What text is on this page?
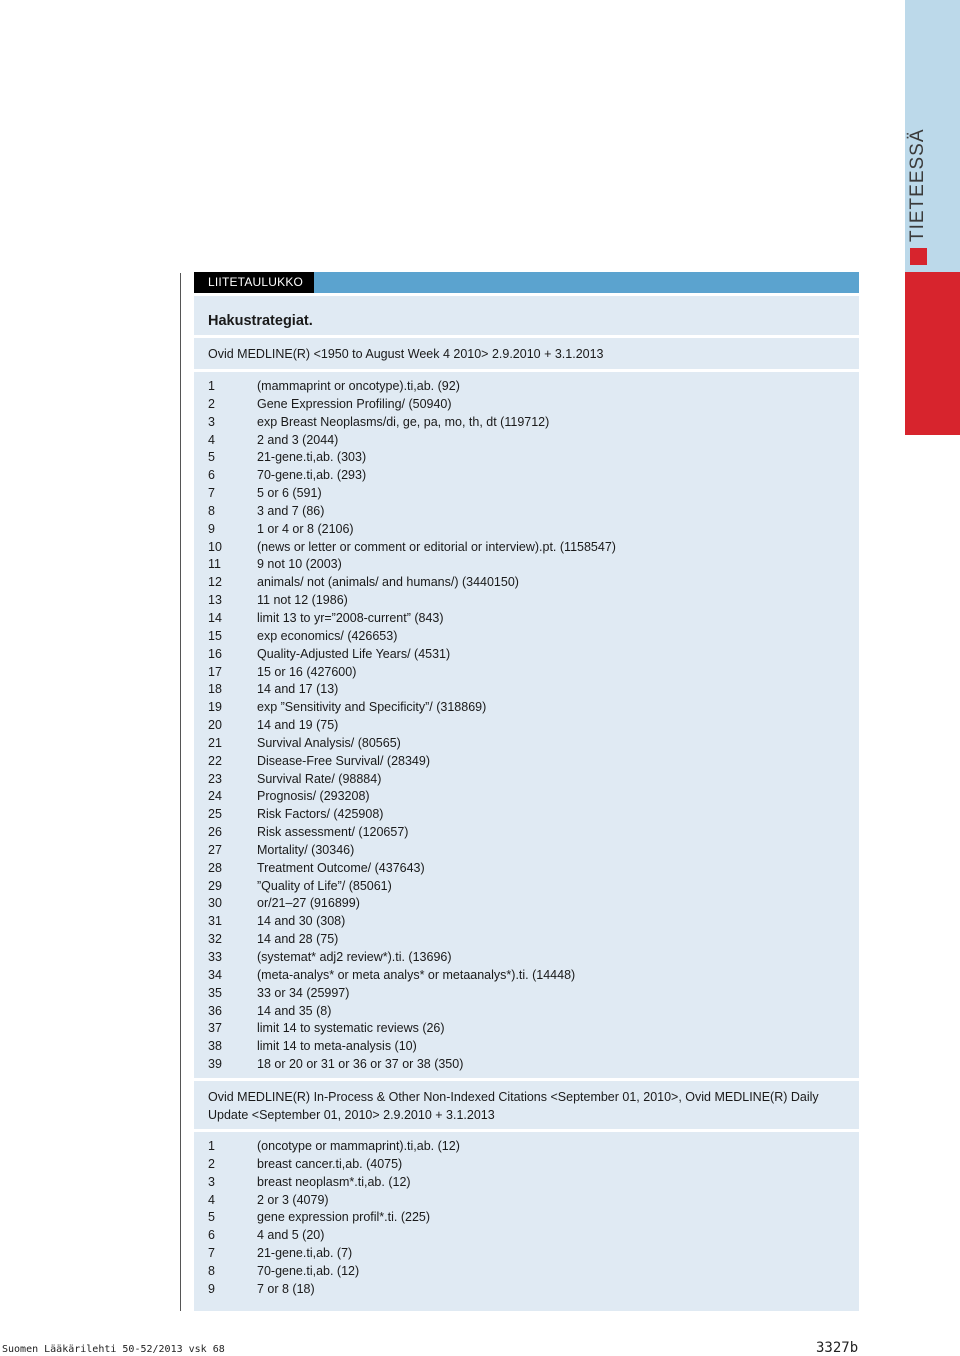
TIETEESSÄ
LIITETAULUKKO
Hakustrategiat.
Ovid MEDLINE(R) <1950 to August Week 4 2010> 2.9.2010 + 3.1.2013
1	(mammaprint or oncotype).ti,ab. (92)
2	Gene Expression Profiling/ (50940)
3	exp Breast Neoplasms/di, ge, pa, mo, th, dt (119712)
4	2 and 3 (2044)
5	21-gene.ti,ab. (303)
6	70-gene.ti,ab. (293)
7	5 or 6 (591)
8	3 and 7 (86)
9	1 or 4 or 8 (2106)
10	(news or letter or comment or editorial or interview).pt. (1158547)
11	9 not 10 (2003)
12	animals/ not (animals/ and humans/) (3440150)
13	11 not 12 (1986)
14	limit 13 to yr=”2008-current” (843)
15	exp economics/ (426653)
16	Quality-Adjusted Life Years/ (4531)
17	15 or 16 (427600)
18	14 and 17 (13)
19	exp ”Sensitivity and Specificity”/ (318869)
20	14 and 19 (75)
21	Survival Analysis/ (80565)
22	Disease-Free Survival/ (28349)
23	Survival Rate/ (98884)
24	Prognosis/ (293208)
25	Risk Factors/ (425908)
26	Risk assessment/ (120657)
27	Mortality/ (30346)
28	Treatment Outcome/ (437643)
29	”Quality of Life”/ (85061)
30	or/21–27 (916899)
31	14 and 30 (308)
32	14 and 28 (75)
33	(systemat* adj2 review*).ti. (13696)
34	(meta-analys* or meta analys* or metaanalys*).ti. (14448)
35	33 or 34 (25997)
36	14 and 35 (8)
37	limit 14 to systematic reviews (26)
38	limit 14 to meta-analysis (10)
39	18 or 20 or 31 or 36 or 37 or 38 (350)
Ovid MEDLINE(R) In-Process & Other Non-Indexed Citations <September 01, 2010>, Ovid MEDLINE(R) Daily Update <September 01, 2010> 2.9.2010 + 3.1.2013
1	(oncotype or mammaprint).ti,ab. (12)
2	breast cancer.ti,ab. (4075)
3	breast neoplasm*.ti,ab. (12)
4	2 or 3 (4079)
5	gene expression profil*.ti. (225)
6	4 and 5 (20)
7	21-gene.ti,ab. (7)
8	70-gene.ti,ab. (12)
9	7 or 8 (18)
Suomen Lääkärilehti 50-52/2013 vsk 68	3327b
